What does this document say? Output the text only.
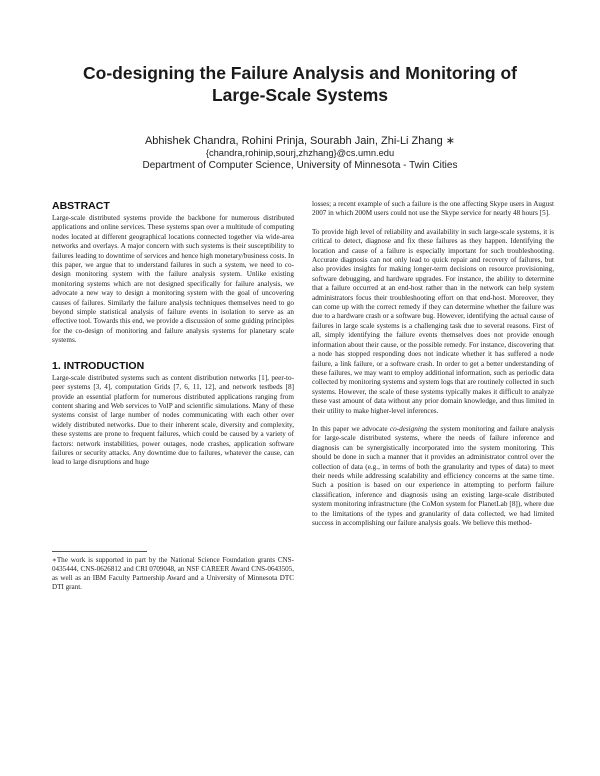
Co-designing the Failure Analysis and Monitoring of
Large-Scale Systems
Abhishek Chandra, Rohini Prinja, Sourabh Jain, Zhi-Li Zhang ∗
{chandra,rohinip,sourj,zhzhang}@cs.umn.edu
Department of Computer Science, University of Minnesota - Twin Cities
ABSTRACT

Large-scale distributed systems provide the backbone for numerous distributed applications and online services. These systems span over a multitude of computing nodes located at different geographical locations connected together via wide-area networks and overlays. A major concern with such systems is their susceptibility to failures leading to downtime of services and hence high monetary/business costs. In this paper, we argue that to understand failures in such a system, we need to co-design monitoring system with the failure analysis system. Unlike existing monitoring systems which are not designed specifically for failure analysis, we advocate a new way to design a monitoring system with the goal of uncovering causes of failures. Similarly the failure analysis techniques themselves need to go beyond simple statistical analysis of failure events in isolation to serve as an effective tool. Towards this end, we provide a discussion of some guiding principles for the co-design of monitoring and failure analysis systems for planetary scale systems.

1. INTRODUCTION

Large-scale distributed systems such as content distribution networks [1], peer-to-peer systems [3, 4], computation Grids [7, 6, 11, 12], and network testbeds [8] provide an essential platform for numerous distributed applications ranging from content sharing and Web services to VoIP and scientific simulations. Many of these systems consist of large number of nodes communicating with each other over widely distributed networks. Due to their inherent scale, diversity and complexity, these systems are prone to frequent failures, which could be caused by a variety of factors: network instabilities, power outages, node crashes, application software failures or security attacks. Any downtime due to failures, whatever the cause, can lead to large disruptions and huge

∗The work is supported in part by the National Science Foundation grants CNS-0435444, CNS-0626812 and CRI 0709048, an NSF CAREER Award CNS-0643505, as well as an IBM Faculty Partnership Award and a University of Minnesota DTC DTI grant.

losses; a recent example of such a failure is the one affecting Skype users in August 2007 in which 200M users could not use the Skype service for nearly 48 hours [5].

To provide high level of reliability and availability in such large-scale systems, it is critical to detect, diagnose and fix these failures as they happen. Identifying the location and cause of a failure is especially important for such troubleshooting. Accurate diagnosis can not only lead to quick repair and recovery of failures, but also provides insights for making longer-term decisions on resource provisioning, software debugging, and hardware upgrades. For instance, the ability to determine that a failure occurred at an end-host rather than in the network can help system administrators focus their troubleshooting effort on that end-host. Moreover, they can come up with the correct remedy if they can determine whether the failure was due to a hardware crash or a software bug. However, identifying the actual cause of failures in large scale systems is a challenging task due to several reasons. First of all, simply identifying the failure events themselves does not provide enough information about their cause, or the possible remedy. For instance, discovering that a node has stopped responding does not indicate whether it has suffered a node failure, a link failure, or a software crash. In order to get a better understanding of these failures, we may want to employ additional information, such as periodic data collected by monitoring systems and system logs that are routinely collected in such systems. However, the scale of these systems typically makes it difficult to analyze these vast amount of data without any prior domain knowledge, and thus limited in their utility to make higher-level inferences.

In this paper we advocate co-designing the system monitoring and failure analysis for large-scale distributed systems, where the needs of failure inference and diagnosis can be synergistically incorporated into the system monitoring. This should be done in such a manner that it provides an administrator control over the collection of data (e.g., in terms of both the granularity and types of data) to meet their needs while addressing scalability and efficiency concerns at the same time. Such a position is based on our experience in attempting to perform failure classification, inference and diagnosis using an existing large-scale distributed system monitoring infrastructure (the CoMon system for PlanetLab [8]), where due to the limitations of the types and granularity of data collected, we had limited success in accomplishing our failure analysis goals. We believe this method-
